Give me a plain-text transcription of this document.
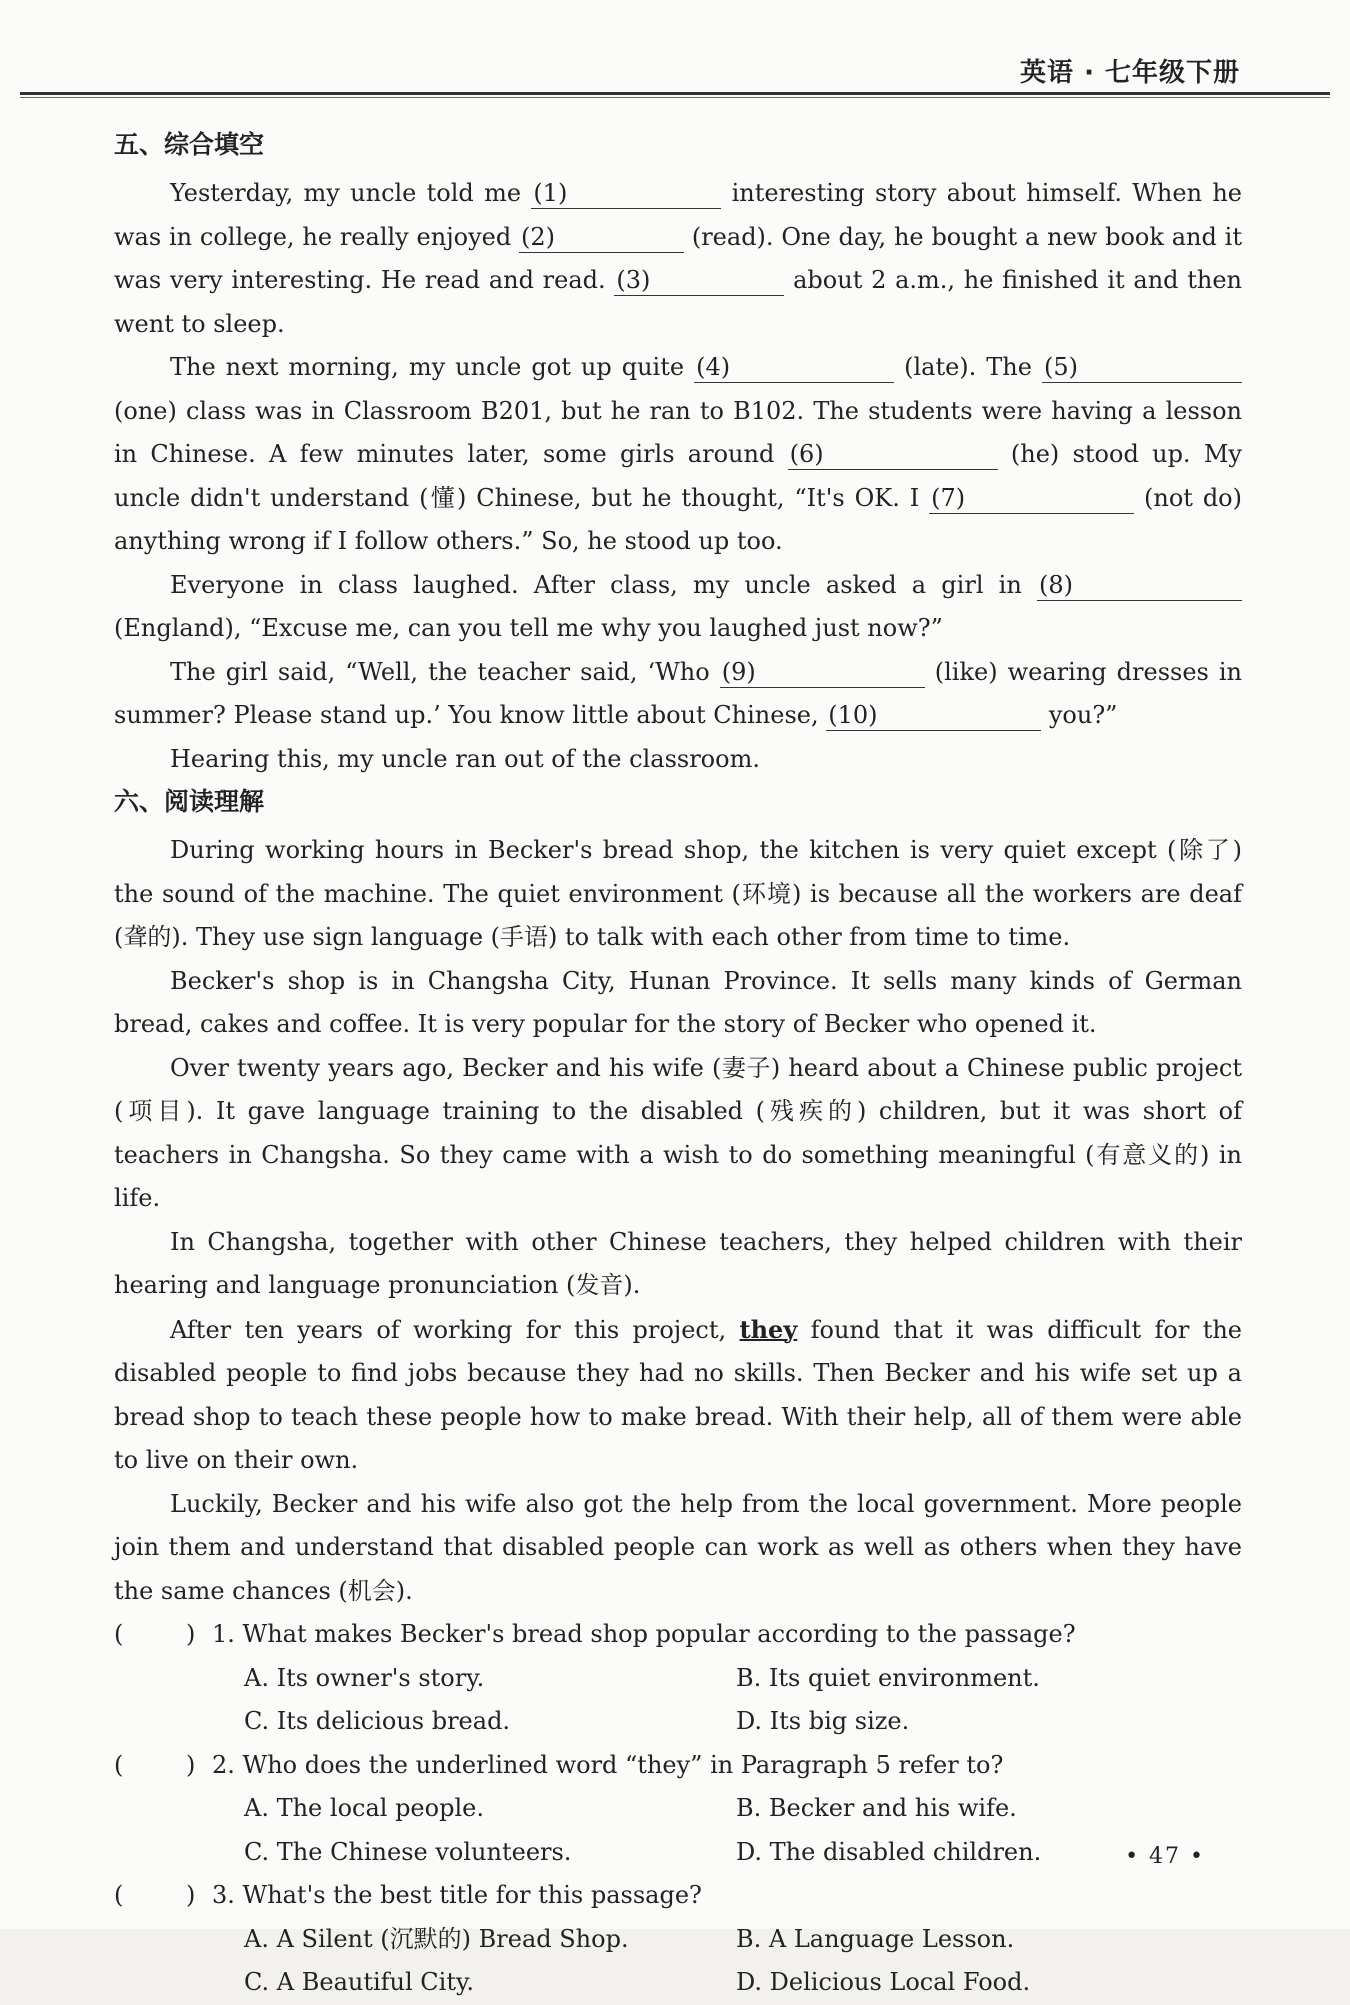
英语 · 七年级下册
五、综合填空

Yesterday, my uncle told me (1)	interesting story about himself. When he was in college, he really enjoyed (2)	(read). One day, he bought a new book and it was very interesting. He read and read. (3)	about 2 a.m., he finished it and then went to sleep.

The next morning, my uncle got up quite (4)	(late). The (5) (one) class was in Classroom B201, but he ran to B102. The students were having a lesson in Chinese. A few minutes later, some girls around (6)	(he) stood up. My uncle didn't understand (懂) Chinese, but he thought, “It's OK. I (7)	(not do) anything wrong if I follow others.” So, he stood up too.

Everyone in class laughed. After class, my uncle asked a girl in (8) (England), “Excuse me, can you tell me why you laughed just now?”

The girl said, “Well, the teacher said, ‘Who (9)	(like) wearing dresses in summer? Please stand up.’ You know little about Chinese, (10)	you?”

Hearing this, my uncle ran out of the classroom.

六、阅读理解

During working hours in Becker's bread shop, the kitchen is very quiet except (除了) the sound of the machine. The quiet environment (环境) is because all the workers are deaf (聋的). They use sign language (手语) to talk with each other from time to time.

Becker's shop is in Changsha City, Hunan Province. It sells many kinds of German bread, cakes and coffee. It is very popular for the story of Becker who opened it.

Over twenty years ago, Becker and his wife (妻子) heard about a Chinese public project (项目). It gave language training to the disabled (残疾的) children, but it was short of teachers in Changsha. So they came with a wish to do something meaningful (有意义的) in life.

In Changsha, together with other Chinese teachers, they helped children with their hearing and language pronunciation (发音).

After ten years of working for this project, they found that it was difficult for the disabled people to find jobs because they had no skills. Then Becker and his wife set up a bread shop to teach these people how to make bread. With their help, all of them were able to live on their own.

Luckily, Becker and his wife also got the help from the local government. More people join them and understand that disabled people can work as well as others when they have the same chances (机会).

(	) 1. What makes Becker's bread shop popular according to the passage?
A. Its owner's story.	B. Its quiet environment.
C. Its delicious bread.	D. Its big size.
(	) 2. Who does the underlined word “they” in Paragraph 5 refer to?
A. The local people.	B. Becker and his wife.
C. The Chinese volunteers.	D. The disabled children.
(	) 3. What's the best title for this passage?
A. A Silent (沉默的) Bread Shop.	B. A Language Lesson.
C. A Beautiful City.	D. Delicious Local Food.
• 47 •
